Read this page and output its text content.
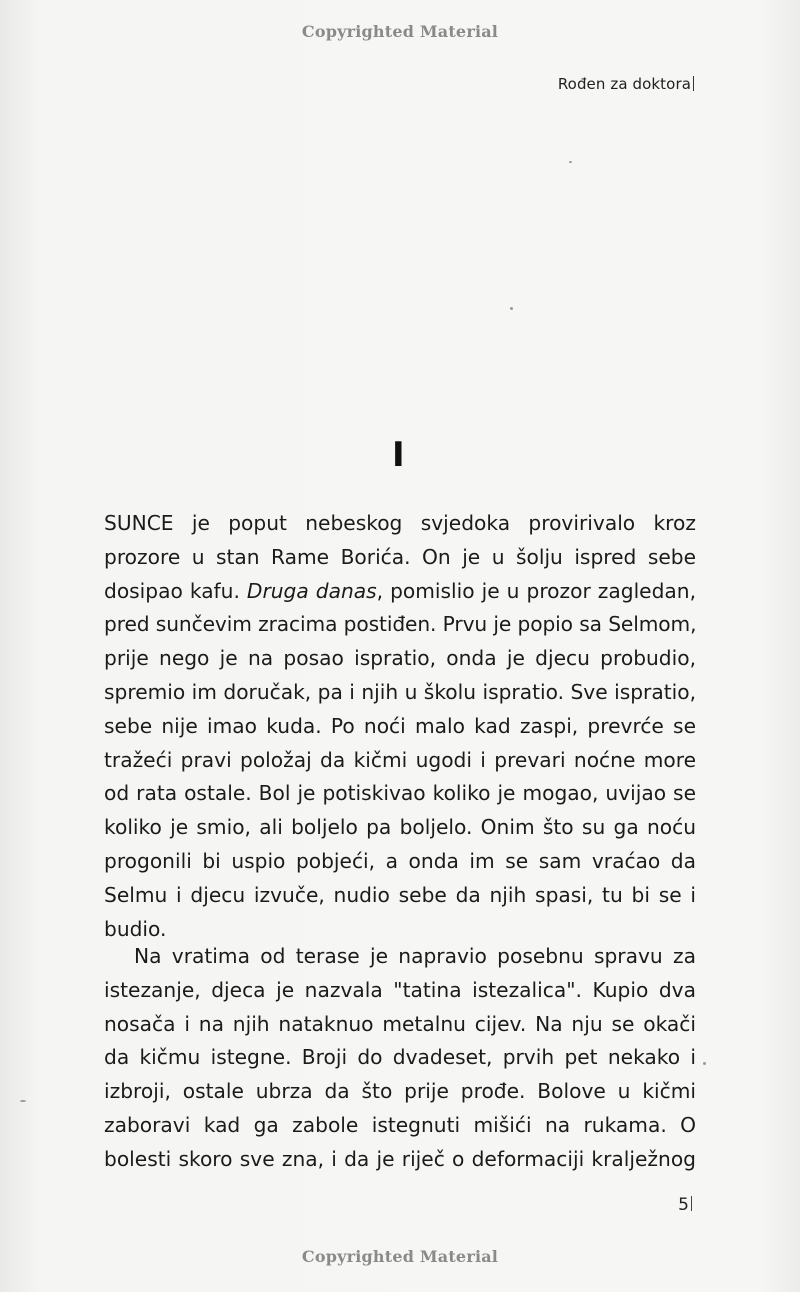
Copyrighted Material
Rođen za doktora
I
SUNCE je poput nebeskog svjedoka provirivalo kroz
prozore u stan Rame Borića. On je u šolju ispred sebe
dosipao kafu. Druga danas, pomislio je u prozor zagledan,
pred sunčevim zracima postiđen. Prvu je popio sa Selmom,
prije nego je na posao ispratio, onda je djecu probudio,
spremio im doručak, pa i njih u školu ispratio. Sve ispratio,
sebe nije imao kuda. Po noći malo kad zaspi, prevrće se
tražeći pravi položaj da kičmi ugodi i prevari noćne more
od rata ostale. Bol je potiskivao koliko je mogao, uvijao se
koliko je smio, ali boljelo pa boljelo. Onim što su ga noću
progonili bi uspio pobjeći, a onda im se sam vraćao da
Selmu i djecu izvuče, nudio sebe da njih spasi, tu bi se i
budio.
Na vratima od terase je napravio posebnu spravu za
istezanje, djeca je nazvala "tatina istezalica". Kupio dva
nosača i na njih nataknuo metalnu cijev. Na nju se okači
da kičmu istegne. Broji do dvadeset, prvih pet nekako i
izbroji, ostale ubrza da što prije prođe. Bolove u kičmi
zaboravi kad ga zabole istegnuti mišići na rukama. O
bolesti skoro sve zna, i da je riječ o deformaciji kralježnog
5
Copyrighted Material
